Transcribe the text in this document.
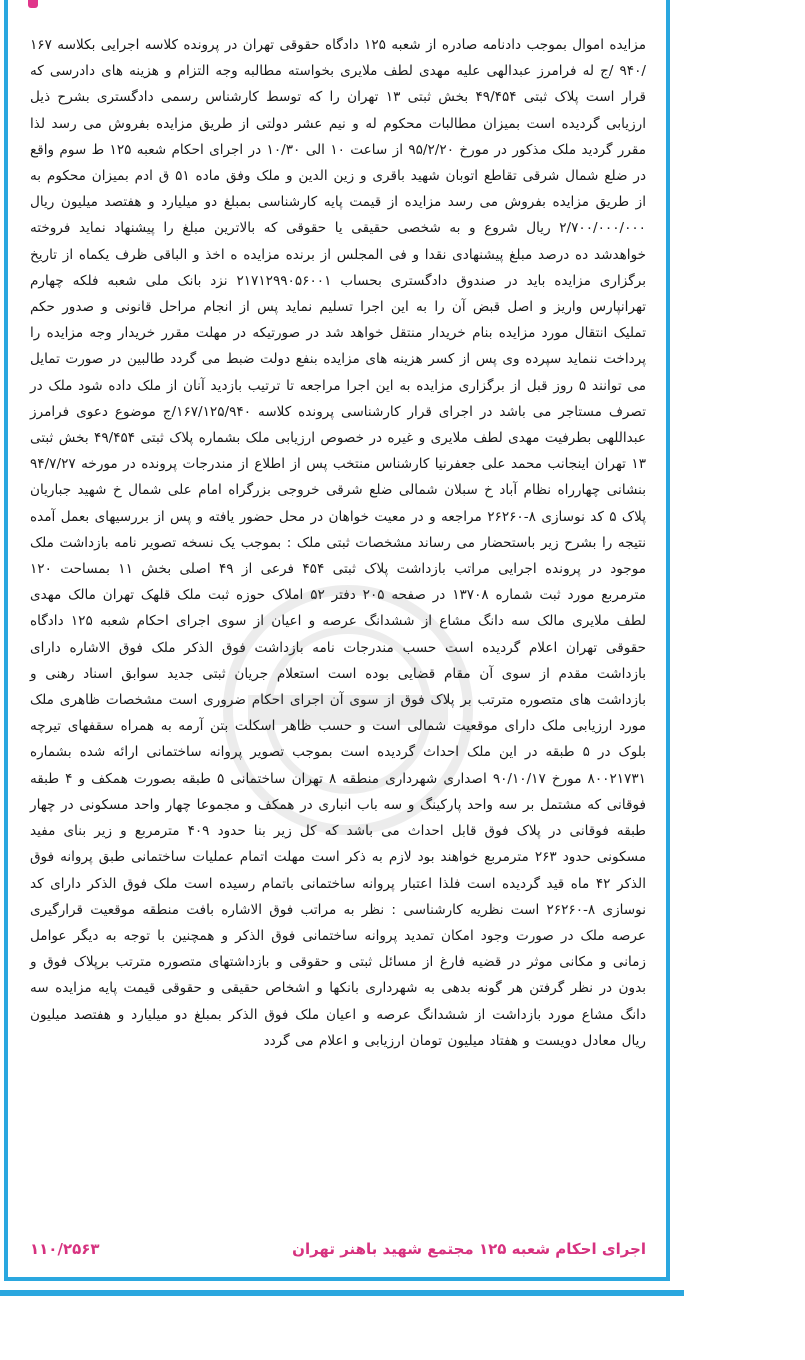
مزایده اموال بموجب دادنامه صادره از شعبه ۱۲۵ دادگاه حقوقی تهران در پرونده کلاسه اجرایی بکلاسه ۱۶۷ /۹۴۰ /ج له فرامرز عبدالهی علیه مهدی لطف ملایری بخواسته مطالبه وجه التزام و هزینه های دادرسی که قرار است پلاک ثبتی ۴۹/۴۵۴ بخش ثبتی ۱۳ تهران را که توسط کارشناس رسمی دادگستری بشرح ذیل ارزیابی گردیده است بمیزان مطالبات محکوم له و نیم عشر دولتی از طریق مزایده بفروش می رسد لذا مقرر گردید ملک مذکور در مورخ ۹۵/۲/۲۰ از ساعت ۱۰ الی ۱۰/۳۰ در اجرای احکام شعبه ۱۲۵ ط سوم واقع در ضلع شمال شرقی تقاطع اتوبان شهید باقری و زین الدین و ملک وفق ماده ۵۱ ق ادم بمیزان محکوم به از طریق مزایده بفروش می رسد مزایده از قیمت پایه کارشناسی بمبلغ دو میلیارد و هفتصد میلیون ریال ۲/۷۰۰/۰۰۰/۰۰۰ ریال شروع و به شخصی حقیقی یا حقوقی که بالاترین مبلغ را پیشنهاد نماید فروخته خواهدشد ده درصد مبلغ پیشنهادی نقدا و فی المجلس از برنده مزایده ه اخذ و الباقی ظرف یکماه از تاریخ برگزاری مزایده باید در صندوق دادگستری بحساب ۲۱۷۱۲۹۹۰۵۶۰۰۱ نزد بانک ملی شعبه فلکه چهارم تهرانپارس واریز و اصل قبض آن را به این اجرا تسلیم نماید پس از انجام مراحل قانونی و صدور حکم تملیک انتقال مورد مزایده بنام خریدار منتقل خواهد شد در صورتیکه در مهلت مقرر خریدار وجه مزایده را پرداخت ننماید سپرده وی پس از کسر هزینه های مزایده بنفع دولت ضبط می گردد طالبین در صورت تمایل می توانند ۵ روز قبل از برگزاری مزایده به این اجرا مراجعه تا ترتیب بازدید آنان از ملک داده شود ملک در تصرف مستاجر می باشد در اجرای قرار کارشناسی پرونده کلاسه ۱۶۷/۱۲۵/۹۴۰/ج موضوع دعوی فرامرز عبداللهی بطرفیت مهدی لطف ملایری و غیره در خصوص ارزیابی ملک بشماره پلاک ثبتی ۴۹/۴۵۴ بخش ثبتی ۱۳ تهران اینجانب محمد علی جعفرنیا کارشناس منتخب پس از اطلاع از مندرجات پرونده در مورخه ۹۴/۷/۲۷ بنشانی چهارراه نظام آباد خ سبلان شمالی ضلع شرقی خروجی بزرگراه امام علی شمال خ شهید جباریان پلاک ۵ کد نوسازی ۸-۲۶۲۶۰ مراجعه و در معیت خواهان در محل حضور یافته و پس از بررسیهای بعمل آمده نتیجه را بشرح زیر باستحضار می رساند مشخصات ثبتی ملک : بموجب یک نسخه تصویر نامه بازداشت ملک موجود در پرونده اجرایی مراتب بازداشت پلاک ثبتی ۴۵۴ فرعی از ۴۹ اصلی بخش ۱۱ بمساحت ۱۲۰ مترمربع مورد ثبت شماره ۱۳۷۰۸ در صفحه ۲۰۵ دفتر ۵۲ املاک حوزه ثبت ملک قلهک تهران مالک مهدی لطف ملایری مالک سه دانگ مشاع از ششدانگ عرصه و اعیان از سوی اجرای احکام شعبه ۱۲۵ دادگاه حقوقی تهران اعلام گردیده است حسب مندرجات نامه بازداشت فوق الذکر ملک فوق الاشاره دارای بازداشت مقدم از سوی آن مقام قضایی بوده است استعلام جریان ثبتی جدید سوابق اسناد رهنی و بازداشت های متصوره مترتب بر پلاک فوق از سوی آن اجرای احکام ضروری است مشخصات ظاهری ملک مورد ارزیابی ملک دارای موقعیت شمالی است و حسب ظاهر اسکلت بتن آرمه به همراه سقفهای تیرچه بلوک در ۵ طبقه در این ملک احداث گردیده است بموجب تصویر پروانه ساختمانی ارائه شده بشماره ۸۰۰۲۱۷۳۱ مورخ ۹۰/۱۰/۱۷ اصداری شهرداری منطقه ۸ تهران ساختمانی ۵ طبقه بصورت همکف و ۴ طبقه فوقانی که مشتمل بر سه واحد پارکینگ و سه باب انباری در همکف و مجموعا چهار واحد مسکونی در چهار طبقه فوقانی در پلاک فوق قابل احداث می باشد که کل زیر بنا حدود ۴۰۹ مترمربع و زیر بنای مفید مسکونی حدود ۲۶۳ مترمربع خواهند بود لازم به ذکر است مهلت اتمام عملیات ساختمانی طبق پروانه فوق الذکر ۴۲ ماه قید گردیده است فلذا اعتبار پروانه ساختمانی باتمام رسیده است ملک فوق الذکر دارای کد نوسازی ۸-۲۶۲۶۰ است نظریه کارشناسی : نظر به مراتب فوق الاشاره بافت منطقه موقعیت قرارگیری عرصه ملک در صورت وجود امکان تمدید پروانه ساختمانی فوق الذکر و همچنین با توجه به دیگر عوامل زمانی و مکانی موثر در قضیه فارغ از مسائل ثبتی و حقوقی و بازداشتهای متصوره مترتب برپلاک فوق و بدون در نظر گرفتن هر گونه بدهی به شهرداری بانکها و اشخاص حقیقی و حقوقی قیمت پایه مزایده سه دانگ مشاع مورد بازداشت از ششدانگ عرصه و اعیان ملک فوق الذکر بمبلغ دو میلیارد و هفتصد میلیون ریال معادل دویست و هفتاد میلیون تومان ارزیابی و اعلام می گردد
اجرای احکام شعبه ۱۲۵ مجتمع شهید باهنر تهران
۱۱۰/۲۵۶۳
